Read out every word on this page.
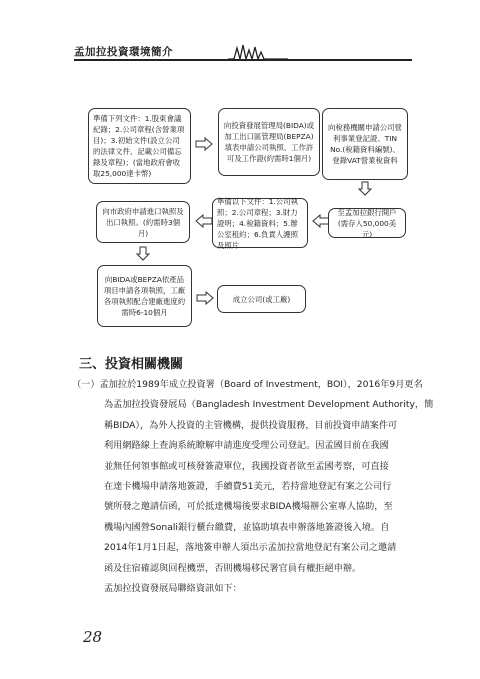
孟加拉投資環境簡介
準備下列文件：1.股東會議紀錄；2.公司章程(含營業項目)；3.初始文件(設立公司的法律文件、記載公司備忘錄及章程)；(當地政府會收取25,000達卡幣)
向投資發展管理局(BIDA)或加工出口區管理局(BEPZA)填表申請公司執照、工作許可及工作證(約需時1個月)
向稅務機關申請公司營利事業登記證、TIN No.(稅籍資料編號)、登錄VAT營業稅資料
向市政府申請進口執照及出口執照。(約需時3個月)
準備以下文件：1.公司執照；2.公司章程；3.財力證明；4.稅籍資料；5.辦公室租約；6.負責人護照及照片
至孟加拉銀行開戶(需存入50,000美元)
向BIDA或BEPZA依產品項目申請各項執照，工廠各項執照配合建廠進度約需時6-10個月
成立公司(或工廠)
三、投資相關機關
（一）孟加拉於1989年成立投資署（Board of Investment，BOI），2016年9月更名
為孟加拉投資發展局（Bangladesh Investment Development Authority，簡
稱BIDA），為外人投資的主管機構，提供投資服務，目前投資申請案件可
利用網路線上查詢系統瞭解申請進度受理公司登記。因孟國目前在我國
並無任何領事館或可核發簽證單位，我國投資者欲至孟國考察，可直接
在達卡機場申請落地簽證，手續費51美元，若持當地登記有案之公司行
號所發之邀請信函，可於抵達機場後要求BIDA機場辦公室專人協助，至
機場內國營Sonali銀行櫃台繳費，並協助填表申辦落地簽證後入境。自
2014年1月1日起，落地簽申辦人須出示孟加拉當地登記有案公司之邀請
函及住宿確認與回程機票，否則機場移民署官員有權拒絕申辦。
孟加拉投資發展局聯絡資訊如下：
28
